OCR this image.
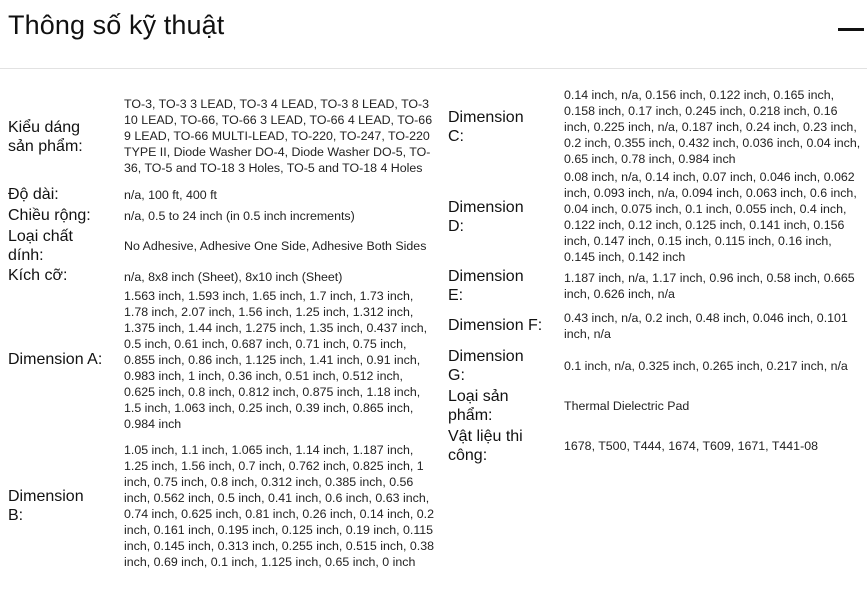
Thông số kỹ thuật
Kiểu dáng sản phẩm:
TO-3, TO-3 3 LEAD, TO-3 4 LEAD, TO-3 8 LEAD, TO-3 10 LEAD, TO-66, TO-66 3 LEAD, TO-66 4 LEAD, TO-66 9 LEAD, TO-66 MULTI-LEAD, TO-220, TO-247, TO-220 TYPE II, Diode Washer DO-4, Diode Washer DO-5, TO-36, TO-5 and TO-18 3 Holes, TO-5 and TO-18 4 Holes
Độ dài:	n/a, 100 ft, 400 ft
Chiều rộng:	n/a, 0.5 to 24 inch (in 0.5 inch increments)
Loại chất dính:
No Adhesive, Adhesive One Side, Adhesive Both Sides
Kích cỡ:	n/a, 8x8 inch (Sheet), 8x10 inch (Sheet)
Dimension A:
1.563 inch, 1.593 inch, 1.65 inch, 1.7 inch, 1.73 inch, 1.78 inch, 2.07 inch, 1.56 inch, 1.25 inch, 1.312 inch, 1.375 inch, 1.44 inch, 1.275 inch, 1.35 inch, 0.437 inch, 0.5 inch, 0.61 inch, 0.687 inch, 0.71 inch, 0.75 inch, 0.855 inch, 0.86 inch, 1.125 inch, 1.41 inch, 0.91 inch, 0.983 inch, 1 inch, 0.36 inch, 0.51 inch, 0.512 inch, 0.625 inch, 0.8 inch, 0.812 inch, 0.875 inch, 1.18 inch, 1.5 inch, 1.063 inch, 0.25 inch, 0.39 inch, 0.865 inch, 0.984 inch
Dimension B:
1.05 inch, 1.1 inch, 1.065 inch, 1.14 inch, 1.187 inch, 1.25 inch, 1.56 inch, 0.7 inch, 0.762 inch, 0.825 inch, 1 inch, 0.75 inch, 0.8 inch, 0.312 inch, 0.385 inch, 0.56 inch, 0.562 inch, 0.5 inch, 0.41 inch, 0.6 inch, 0.63 inch, 0.74 inch, 0.625 inch, 0.81 inch, 0.26 inch, 0.14 inch, 0.2 inch, 0.161 inch, 0.195 inch, 0.125 inch, 0.19 inch, 0.115 inch, 0.145 inch, 0.313 inch, 0.255 inch, 0.515 inch, 0.38 inch, 0.69 inch, 0.1 inch, 1.125 inch, 0.65 inch, 0 inch
Dimension C:
0.14 inch, n/a, 0.156 inch, 0.122 inch, 0.165 inch, 0.158 inch, 0.17 inch, 0.245 inch, 0.218 inch, 0.16 inch, 0.225 inch, n/a, 0.187 inch, 0.24 inch, 0.23 inch, 0.2 inch, 0.355 inch, 0.432 inch, 0.036 inch, 0.04 inch, 0.65 inch, 0.78 inch, 0.984 inch
Dimension D:
0.08 inch, n/a, 0.14 inch, 0.07 inch, 0.046 inch, 0.062 inch, 0.093 inch, n/a, 0.094 inch, 0.063 inch, 0.6 inch, 0.04 inch, 0.075 inch, 0.1 inch, 0.055 inch, 0.4 inch, 0.122 inch, 0.12 inch, 0.125 inch, 0.141 inch, 0.156 inch, 0.147 inch, 0.15 inch, 0.115 inch, 0.16 inch, 0.145 inch, 0.142 inch
Dimension E:
1.187 inch, n/a, 1.17 inch, 0.96 inch, 0.58 inch, 0.665 inch, 0.626 inch, n/a
Dimension F: 0.43 inch, n/a, 0.2 inch, 0.48 inch, 0.046 inch, 0.101 inch, n/a
Dimension G:
0.1 inch, n/a, 0.325 inch, 0.265 inch, 0.217 inch, n/a
Loại sản phẩm:
Thermal Dielectric Pad
Vật liệu thi công:
1678, T500, T444, 1674, T609, 1671, T441-08
